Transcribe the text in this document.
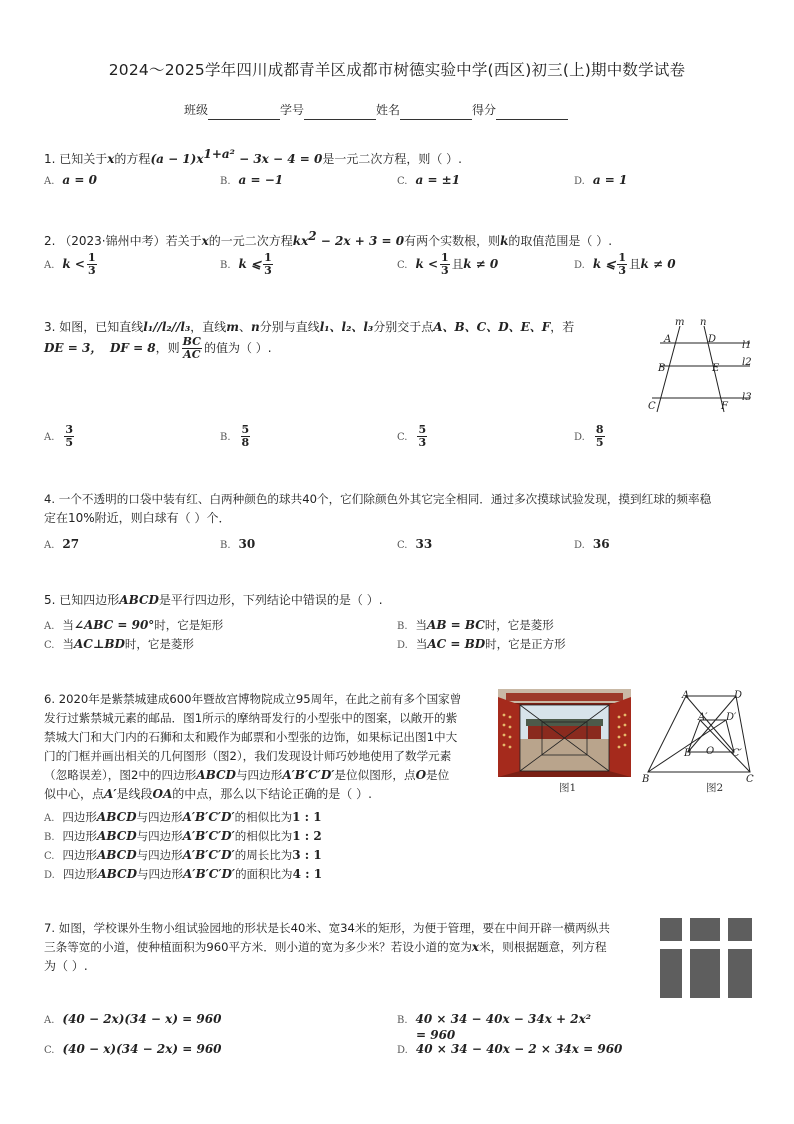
2024～2025学年四川成都青羊区成都市树德实验中学(西区)初三(上)期中数学试卷
班级	学号	姓名	得分
1. 已知关于x的方程$(a - 1)x^{1+a^2} - 3x - 4 = 0$是一元二次方程，则（ ）.
A. a = 0	B. a = −1	C. a = ±1	D. a = 1
2. （2023·锦州中考）若关于x的一元二次方程$kx^2 - 2x + 3 = 0$有两个实数根，则k的取值范围是（ ）.
A. $k < \frac{1}{3}$	B. k ⩽ $\frac{1}{3}$	C. $k < \frac{1}{3}$ 且k ≠ 0	D. k ⩽ $\frac{1}{3}$ 且k ≠ 0
3. 如图，已知直线l₁//l₂//l₃，直线m、n分别与直线l₁、l₂、l₃分别交于点A、B、C、D、E、F，若
DE = 3， DF = 8，则 $\frac{BC}{AC}$ 的值为（ ）.
m n
A	D
B	E
C	F
l1
l2
l3
A. $\frac{3}{5}$	B. $\frac{5}{8}$	C. $\frac{5}{3}$	D. $\frac{8}{5}$
4. 一个不透明的口袋中装有红、白两种颜色的球共40个，它们除颜色外其它完全相同．通过多次摸球试验发现，摸到红球的频率稳
定在10%附近，则白球有（ ）个．
A. 27	B. 30	C. 33	D. 36
5. 已知四边形ABCD是平行四边形，下列结论中错误的是（ ）.
A. 当∠ABC = 90°时，它是矩形	B. 当AB = BC时，它是菱形
C. 当AC⊥BD时，它是菱形	D. 当AC = BD时，它是正方形
6. 2020年是紫禁城建成600年暨故宫博物院成立95周年，在此之前有多个国家曾
发行过紫禁城元素的邮品．图1所示的摩纳哥发行的小型张中的图案，以敞开的紫
禁城大门和大门内的石狮和太和殿作为邮票和小型张的边饰，如果标记出图1中大
门的门框并画出相关的几何图形（图2），我们发现设计师巧妙地使用了数学元素
（忽略误差），图2中的四边形ABCD与四边形A′B′C′D′是位似图形，点O是位
似中心，点A′是线段OA的中点，那么以下结论正确的是（ ）.	图1
A	D
A′ D′
O
B	C′
B	C
图2
A. 四边形ABCD与四边形A′B′C′D′的相似比为1 : 1
B. 四边形ABCD与四边形A′B′C′D′的相似比为1 : 2
C. 四边形ABCD与四边形A′B′C′D′的周长比为3 : 1
D. 四边形ABCD与四边形A′B′C′D′的面积比为4 : 1
7. 如图，学校课外生物小组试验园地的形状是长40米、宽34米的矩形，为便于管理，要在中间开辟一横两纵共
三条等宽的小道，使种植面积为960平方米．则小道的宽为多少米？若设小道的宽为x米，则根据题意，列方程
为（ ）.
A. (40 − 2x)(34 − x) = 960	B. 40 × 34 − 40x − 34x + 2x²
= 960
C. (40 − x)(34 − 2x) = 960	D. 40 × 34 − 40x − 2 × 34x = 960
